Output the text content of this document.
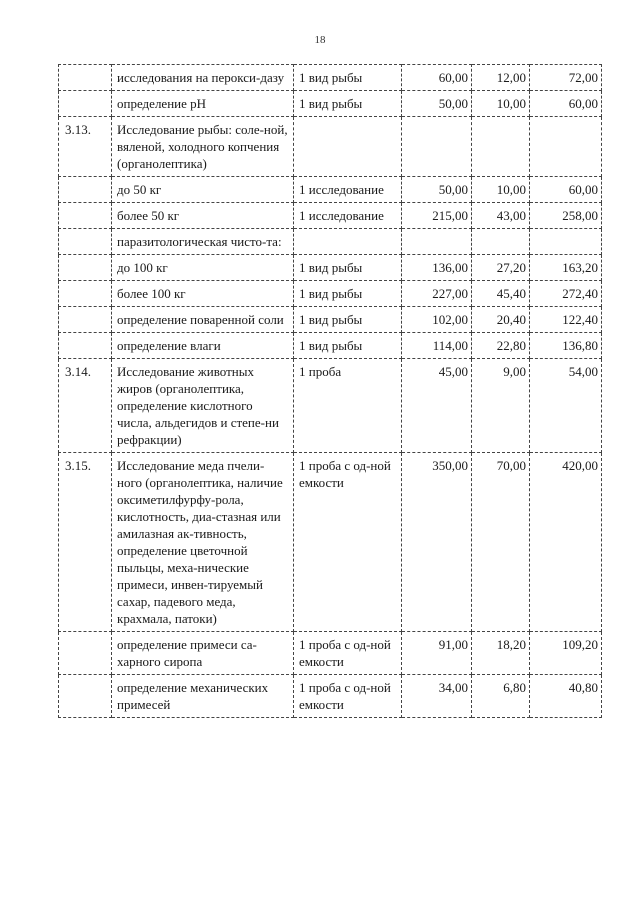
18
	исследования на перокси-дазу	1 вид рыбы	60,00	12,00	72,00
	определение pH	1 вид рыбы	50,00	10,00	60,00
3.13.	Исследование рыбы: соле-ной, вяленой, холодного копчения (органолептика)				
	до 50 кг	1 исследование	50,00	10,00	60,00
	более 50 кг	1 исследование	215,00	43,00	258,00
	паразитологическая чисто-та:				
	до 100 кг	1 вид рыбы	136,00	27,20	163,20
	более 100 кг	1 вид рыбы	227,00	45,40	272,40
	определение поваренной соли	1 вид рыбы	102,00	20,40	122,40
	определение влаги	1 вид рыбы	114,00	22,80	136,80
3.14.	Исследование животных жиров (органолептика, определение кислотного числа, альдегидов и степе-ни рефракции)	1 проба	45,00	9,00	54,00
3.15.	Исследование меда пчели-ного (органолептика, наличие оксиметилфурфу-рола, кислотность, диа-стазная или амилазная ак-тивность, определение цветочной пыльцы, меха-нические примеси, инвен-тируемый сахар, падевого меда, крахмала, патоки)	1 проба с од-ной емкости	350,00	70,00	420,00
	определение примеси са-харного сиропа	1 проба с од-ной емкости	91,00	18,20	109,20
	определение механических примесей	1 проба с од-ной емкости	34,00	6,80	40,80
